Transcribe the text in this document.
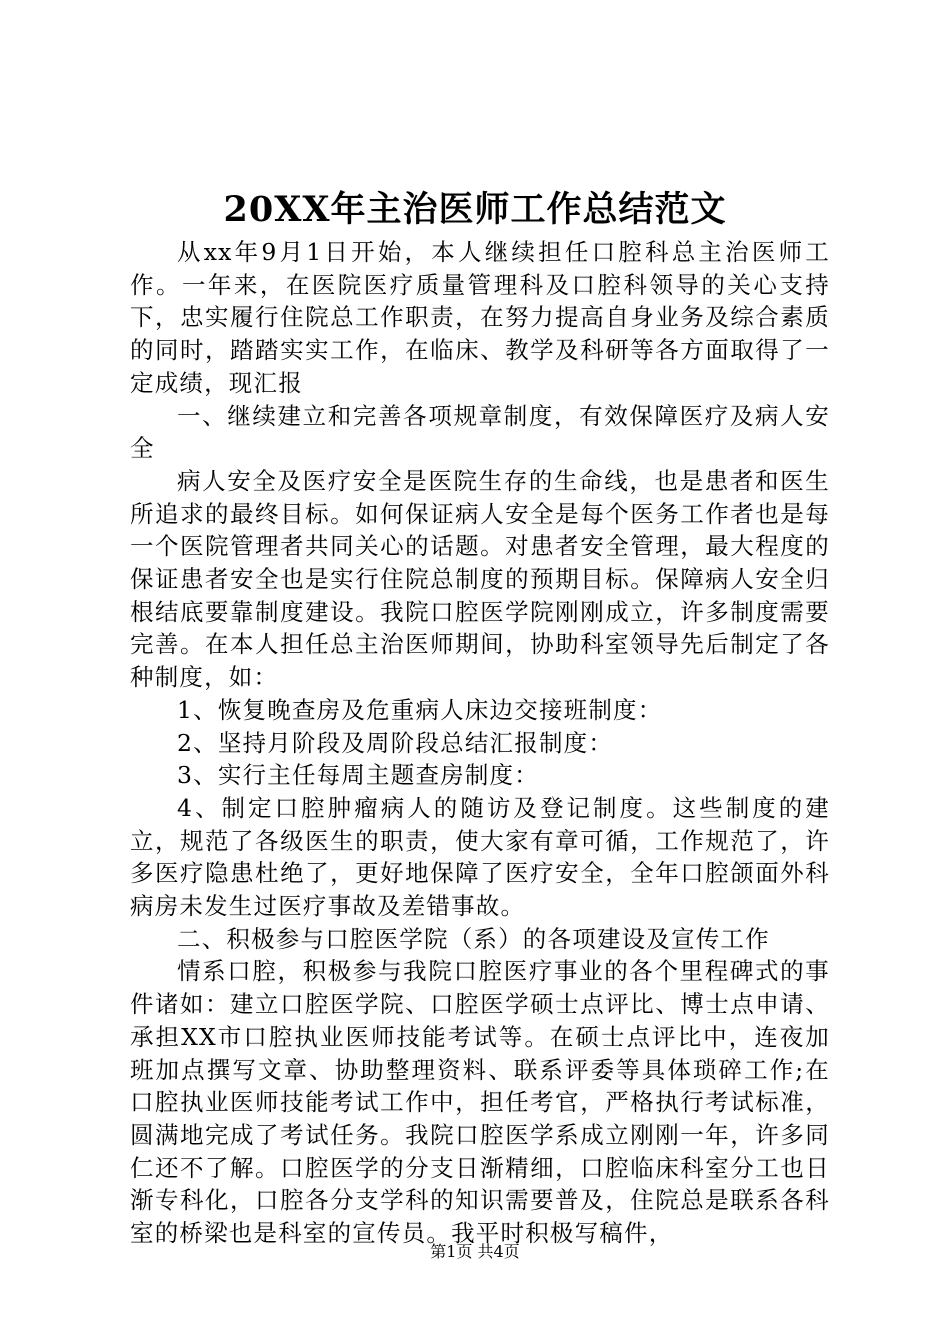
20XX年主治医师工作总结范文

从xx年9月1日开始，本人继续担任口腔科总主治医师工作。一年来，在医院医疗质量管理科及口腔科领导的关心支持下，忠实履行住院总工作职责，在努力提高自身业务及综合素质的同时，踏踏实实工作，在临床、教学及科研等各方面取得了一定成绩，现汇报

一、继续建立和完善各项规章制度，有效保障医疗及病人安全

病人安全及医疗安全是医院生存的生命线，也是患者和医生所追求的最终目标。如何保证病人安全是每个医务工作者也是每一个医院管理者共同关心的话题。对患者安全管理，最大程度的保证患者安全也是实行住院总制度的预期目标。保障病人安全归根结底要靠制度建设。我院口腔医学院刚刚成立，许多制度需要完善。在本人担任总主治医师期间，协助科室领导先后制定了各种制度，如：

1、恢复晚查房及危重病人床边交接班制度：

2、坚持月阶段及周阶段总结汇报制度：

3、实行主任每周主题查房制度：

4、制定口腔肿瘤病人的随访及登记制度。这些制度的建立，规范了各级医生的职责，使大家有章可循，工作规范了，许多医疗隐患杜绝了，更好地保障了医疗安全，全年口腔颌面外科病房未发生过医疗事故及差错事故。

二、积极参与口腔医学院（系）的各项建设及宣传工作

情系口腔，积极参与我院口腔医疗事业的各个里程碑式的事件诸如：建立口腔医学院、口腔医学硕士点评比、博士点申请、承担XX市口腔执业医师技能考试等。在硕士点评比中，连夜加班加点撰写文章、协助整理资料、联系评委等具体琐碎工作;在口腔执业医师技能考试工作中，担任考官，严格执行考试标准，圆满地完成了考试任务。我院口腔医学系成立刚刚一年，许多同仁还不了解。口腔医学的分支日渐精细，口腔临床科室分工也日渐专科化，口腔各分支学科的知识需要普及，住院总是联系各科室的桥梁也是科室的宣传员。我平时积极写稿件，

第1页 共4页
